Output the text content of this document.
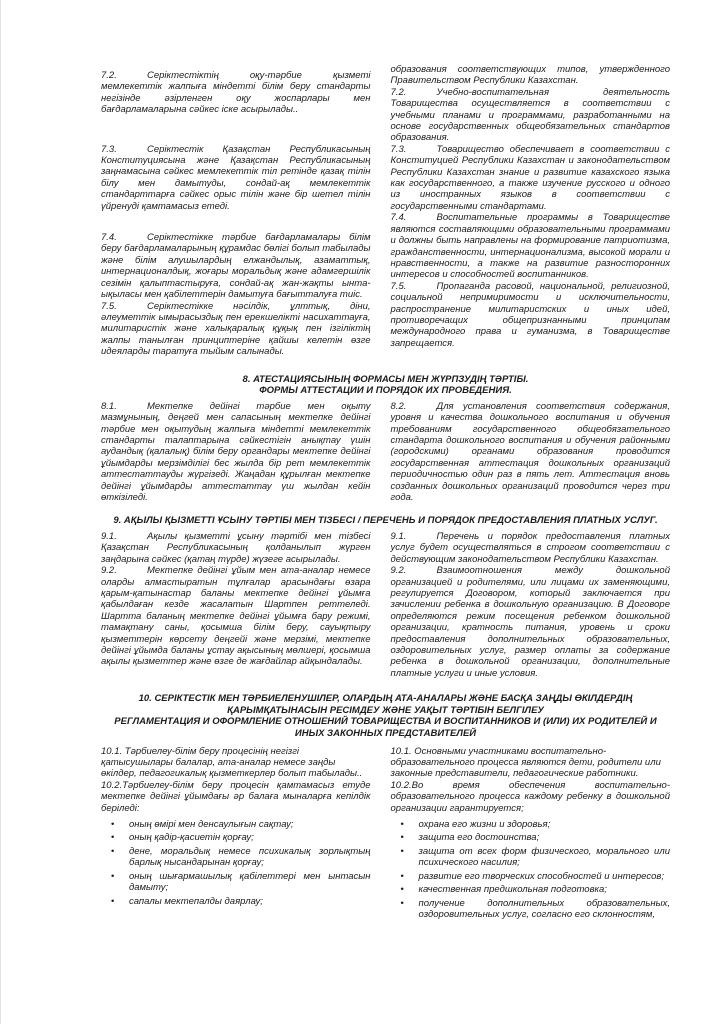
7.2.	Серіктестіктің оқу-тәрбие қызметі мемлекеттік жалпыға міндетті білім беру стандарты негізінде әзірленген оқу жоспарлары мен бағдарламаларына сәйкес іске асырылады..

7.3.	Серіктестік Қазақстан Республикасының Конституциясына және Қазақстан Республикасының заңнамасына сәйкес мемлекеттік тіл ретінде қазақ тілін білу мен дамытуды, сондай-ақ мемлекеттік стандарттарға сәйкес орыс тілін және бір шетел тілін үйренуді қамтамасыз етеді.

7.4.	Серіктестікке тәрбие бағдарламалары білім беру бағдарламаларының құрамдас бөлігі болып табылады және білім алушылардың елжандылық, азаматтық, интернационалдық, жоғары моральдық және адамгершілік сезімін қалыптастыруға, сондай-ақ жан-жақты ынта-ықыласы мен қабілеттерін дамытуға бағытталуға тиіс.

7.5.	Серіктестікке нәсілдік, ұлттық, діни, әлеуметтік ымырасыздық пен ерекшелікті насихаттауға, милитаристік және халықаралық құқық пен ізгіліктің жалпы танылған принциптеріне қайшы келетін өзге идеяларды таратуға тыйым салынады.

образования соответствующих типов, утвержденного Правительством Республики Казахстан.

7.2.	Учебно-воспитательная деятельность Товарищества осуществляется в соответствии с учебными планами и программами, разработанными на основе государственных общеобязательных стандартов образования.

7.3.	Товарищество обеспечивает в соответствии с Конституцией Республики Казахстан и законодательством Республики Казахстан знание и развитие казахского языка как государственного, а также изучение русского и одного из иностранных языков в соответствии с государственными стандартами.

7.4.	Воспитательные программы в Товариществе являются составляющими образовательными программами и должны быть направлены на формирование патриотизма, гражданственности, интернационализма, высокой морали и нравственности, а также на развитие разносторонних интересов и способностей воспитанников.

7.5.	Пропаганда расовой, национальной, религиозной, социальной непримиримости и исключительности, распространение милитаристских и иных идей, противоречащих общепризнанными принципам международного права и гуманизма, в Товариществе запрещается.

8. АТЕСТАЦИЯСЫНЫҢ ФОРМАСЫ МЕН ЖҮРПЗУДІҢ ТӘРТІБІ.
ФОРМЫ АТТЕСТАЦИИ И ПОРЯДОК ИХ ПРОВЕДЕНИЯ.

8.1.	Мектепке дейінгі тәрбие мен оқыту мазмұнының, деңгей мен сапасының мектепке дейінгі тәрбие мен оқытудың жалпыға міндетті мемлекеттік стандарты талаптарына сәйкестігін анықтау үшін аудандық (қалалық) білім беру органдары мектепке дейінгі ұйымдарды мерзімділігі бес жылда бір рет мемлекеттік аттестаттауды жүргізеді. Жаңадан құрылған мектепке дейінгі ұйымдарды аттестаттау үш жылдан кейін өткізіледі.

8.2.	Для установления соответствия содержания, уровня и качества дошкольного воспитания и обучения требованиям государственного общеобязательного стандарта дошкольного воспитания и обучения районными (городскими) органами образования проводится государственная аттестация дошкольных организаций периодичностью один раз в пять лет. Аттестация вновь созданных дошкольных организаций проводится через три года.

9. АҚЫЛЫ ҚЫЗМЕТТІ ҰСЫНУ ТӘРТІБІ МЕН ТІЗБЕСІ / ПЕРЕЧЕНЬ И ПОРЯДОК ПРЕДОСТАВЛЕНИЯ ПЛАТНЫХ УСЛУГ.

9.1.	Ақылы қызметті ұсыну тәртібі мен тізбесі Қазақстан Республикасының қолданылып жүрген заңдарына сәйкес (қатаң түрде) жүзеге асырылады.

9.2.	Мектепке дейінгі ұйым мен ата-аналар немесе оларды алмастыратын тұлғалар арасындағы өзара қарым-қатынастар баланы мектепке дейінгі ұйымға қабылдаған кезде жасалатын Шартпен реттеледі. Шартта баланың мектепке дейінгі ұйымға бару режимі, тамақтану саны, қосымша білім беру, сауықтыру қызметтерін көрсету деңгейі және мерзімі, мектепке дейінгі ұйымда баланы ұстау ақысының мөлшері, қосымша ақылы қызметтер және өзге де жағдайлар айқындалады.

9.1.	Перечень и порядок предоставления платных услуг будет осуществляться в строгом соответствии с действующим законодательством Республики Казахстан.

9.2.	Взаимоотношения между дошкольной организацией и родителями, или лицами их заменяющими, регулируется Договором, который заключается при зачислении ребенка в дошкольную организацию. В Договоре определяются режим посещения ребенком дошкольной организации, кратность питания, уровень и сроки предоставления дополнительных образовательных, оздоровительных услуг, размер оплаты за содержание ребенка в дошкольной организации, дополнительные платные услуги и иные условия.

10. СЕРІКТЕСТІК МЕН ТӘРБИЕЛЕНУШІЛЕР, ОЛАРДЫҢ АТА-АНАЛАРЫ ЖӘНЕ БАСҚА ЗАҢДЫ ӨКІЛДЕРДІҢ ҚАРЫМҚАТЫНАСЫН РЕСІМДЕУ ЖӘНЕ УАҚЫТ ТӘРТІБІН БЕЛГІЛЕУ
РЕГЛАМЕНТАЦИЯ И ОФОРМЛЕНИЕ ОТНОШЕНИЙ ТОВАРИЩЕСТВА И ВОСПИТАННИКОВ И (ИЛИ) ИХ РОДИТЕЛЕЙ И ИНЫХ ЗАКОННЫХ ПРЕДСТАВИТЕЛЕЙ

10.1. Тәрбиелеу-білім беру процесінің негізгі қатысушылары балалар, ата-аналар немесе заңды өкілдер, педагогикалық қызметкерлер болып табылады..

10.2.Тәрбиелеу-білім беру процесін қамтамасыз етуде мектепке дейінгі ұйымдағы әр балаға мыналарға кепілдік беріледі:

•	оның өмірі мен денсаулығын сақтау;
•	оның қадір-қасиетін қорғау;
•	дене, моральдық немесе психикалық зорлықтың барлық нысандарынан қорғау;
•	оның шығармашылық қабілеттері мен ынтасын дамыту;
•	сапалы мектепалды даярлау;

10.1. Основными участниками воспитательно-образовательного процесса являются дети, родители или законные представители, педагогические работники.

10.2.Во время обеспечения воспитательно-образовательного процесса каждому ребенку в дошкольной организации гарантируется;

•	охрана его жизни и здоровья;
•	защита его достоинства;
•	защита от всех форм физического, морального или психического насилия;
•	развитие его творческих способностей и интересов;
•	качественная предшкольная подготовка;
•	получение дополнительных образовательных, оздоровительных услуг, согласно его склонностям,
